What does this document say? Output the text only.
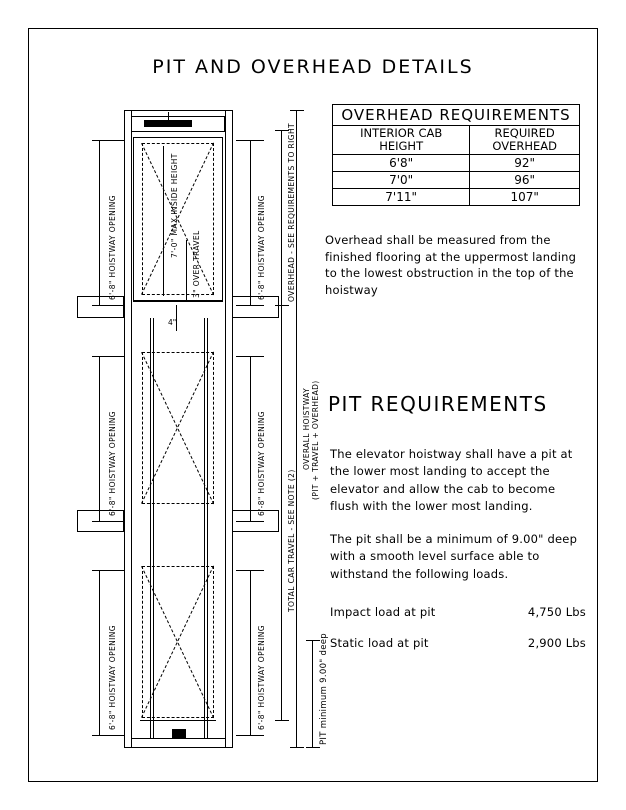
PIT AND OVERHEAD DETAILS
OVERHEAD REQUIREMENTS	
INTERIOR CAB
HEIGHT	REQUIRED
OVERHEAD
6'8"	92"
7'0"	96"
7'11"	107"
Overhead shall be measured from the finished flooring at the uppermost landing to the lowest obstruction in the top of the hoistway
PIT REQUIREMENTS
The elevator hoistway shall have a pit at the lower most landing to accept the elevator and allow the cab to become flush with the lower most landing.
The pit shall be a minimum of 9.00" deep with a smooth level surface able to withstand the following loads.
Impact load at pit	4,750 Lbs
Static load at pit	2,900 Lbs
6'-8" HOISTWAY OPENING
6'-8" HOISTWAY OPENING
6'-8" HOISTWAY OPENING
6'-8" HOISTWAY OPENING
6'-8" HOISTWAY OPENING
6'-8" HOISTWAY OPENING
7'-0" MAX INSIDE HEIGHT
3" OVER TRAVEL
4"
OVERHEAD - SEE REQUIREMENTS TO RIGHT
TOTAL CAR TRAVEL - SEE NOTE (2)
OVERALL HOISTWAY (PIT + TRAVEL + OVERHEAD)
PIT minimum 9.00" deep
